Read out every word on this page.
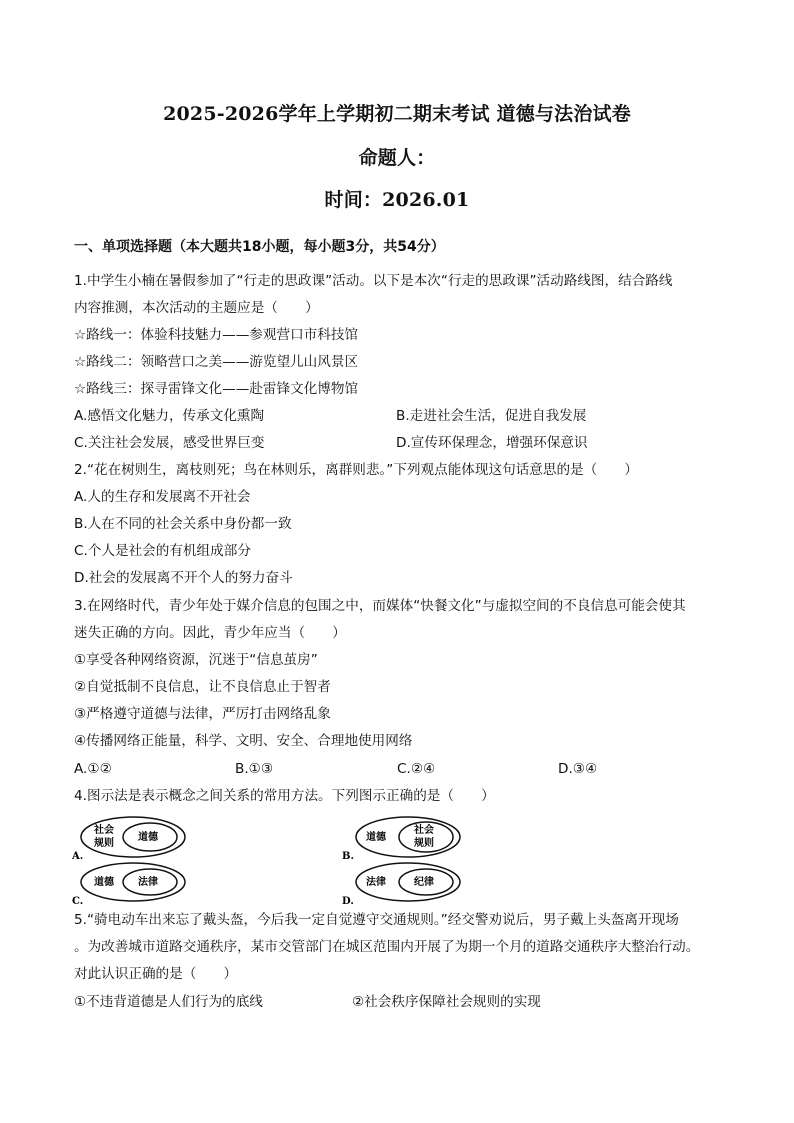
2025-2026学年上学期初二期末考试 道德与法治试卷
命题人：
时间：2026.01
一、单项选择题（本大题共18小题，每小题3分，共54分）
1.中学生小楠在暑假参加了“行走的思政课”活动。以下是本次“行走的思政课”活动路线图，结合路线
内容推测，本次活动的主题应是（　　）
☆路线一：体验科技魅力——参观营口市科技馆
☆路线二：领略营口之美——游览望儿山风景区
☆路线三：探寻雷锋文化——赴雷锋文化博物馆
A.感悟文化魅力，传承文化熏陶	B.走进社会生活，促进自我发展
C.关注社会发展，感受世界巨变	D.宣传环保理念，增强环保意识
2.“花在树则生，离枝则死；鸟在林则乐，离群则悲。”下列观点能体现这句话意思的是（　　）
A.人的生存和发展离不开社会
B.人在不同的社会关系中身份都一致
C.个人是社会的有机组成部分
D.社会的发展离不开个人的努力奋斗
3.在网络时代，青少年处于媒介信息的包围之中，而媒体“快餐文化”与虚拟空间的不良信息可能会使其
迷失正确的方向。因此，青少年应当（　　）
①享受各种网络资源，沉迷于“信息茧房”
②自觉抵制不良信息，让不良信息止于智者
③严格遵守道德与法律，严厉打击网络乱象
④传播网络正能量，科学、文明、安全、合理地使用网络
A.①②	B.①③	C.②④	D.③④
4.图示法是表示概念之间关系的常用方法。下列图示正确的是（　　）
A.
社会
规则
道德
B.
道德
社会
规则
C.
道德 法律
D.
法律	纪律
5.“骑电动车出来忘了戴头盔，今后我一定自觉遵守交通规则。”经交警劝说后，男子戴上头盔离开现场
。为改善城市道路交通秩序，某市交管部门在城区范围内开展了为期一个月的道路交通秩序大整治行动。
对此认识正确的是（　　）
①不违背道德是人们行为的底线	②社会秩序保障社会规则的实现
